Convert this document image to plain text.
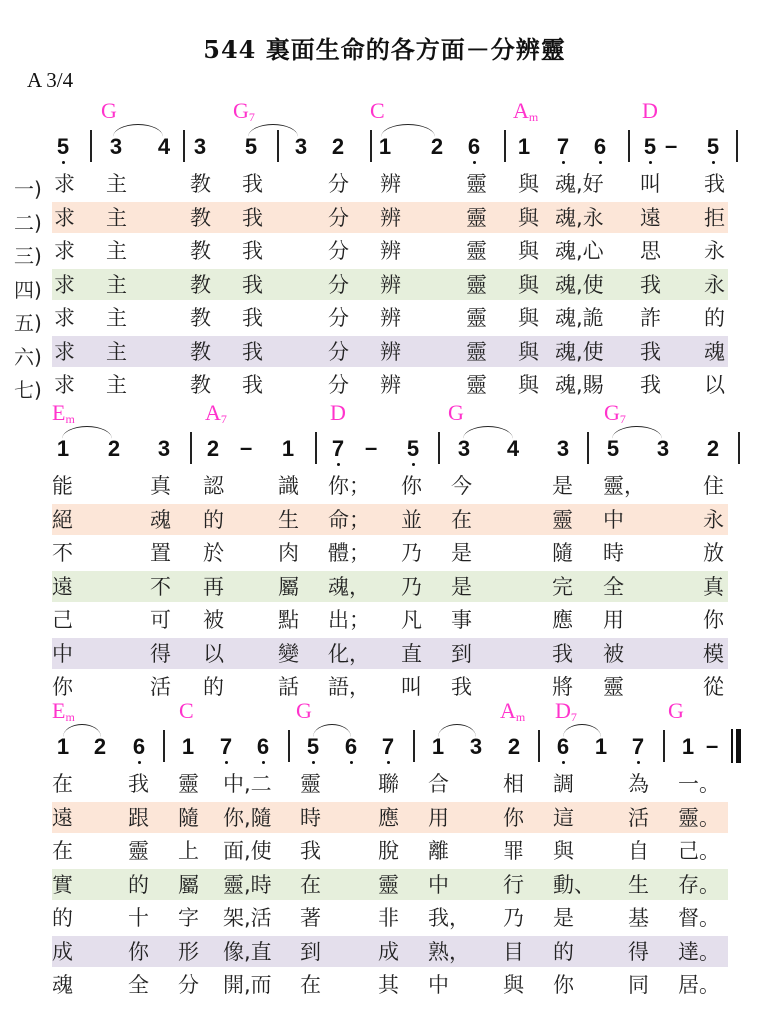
544 裏面生命的各方面－分辨靈
A 3/4
G	$G_7$	C	$A_m$	D
5 3 4 3 5 3 2 1 2 6 1 7 6 5 5
–
一) 求 主	教 我	分 辨	靈 與 魂,好 叫 我
二) 求 主	教 我	分 辨	靈 與 魂,永 遠 拒
三) 求 主	教 我	分 辨	靈 與 魂,心 思 永
四) 求 主	教 我	分 辨	靈 與 魂,使 我 永
五) 求 主	教 我	分 辨	靈 與 魂,詭 詐 的
六) 求 主	教 我	分 辨	靈 與 魂,使 我 魂
七) 求 主	教 我	分 辨	靈 與 魂,賜 我 以
$E_m$	$A_7$	D	G	$G_7$
1 2 3 2	1 7	5 3 4 3 5 3 2
–	–
能	真 認	識 你； 你 今	是 靈，	住
絕	魂 的	生 命； 並 在	靈 中	永
不	置 於	肉 體； 乃 是	隨 時	放
遠	不 再	屬 魂， 乃 是	完 全	真
己	可 被	點 出； 凡 事	應 用	你
中	得 以	變 化， 直 到	我 被	模
你	活 的	話 語， 叫 我	將 靈	從
$E_m$	C	G	$A_m$ $D_7$	G
1 2 6 1 7 6 5 6 7 1 3 2 6 1 7 1 –
在	我 靈 中,二 靈	聯 合	相 調	為 一。
遠	跟 隨 你,隨 時	應 用	你 這	活 靈。
在	靈 上 面,使 我	脫 離	罪 與	自 己。
實	的 屬 靈,時 在	靈 中	行 動、 生 存。
的	十 字 架,活 著	非 我， 乃 是	基 督。
成	你 形 像,直 到	成 熟， 目 的	得 達。
魂	全 分 開,而 在	其 中	與 你	同 居。
